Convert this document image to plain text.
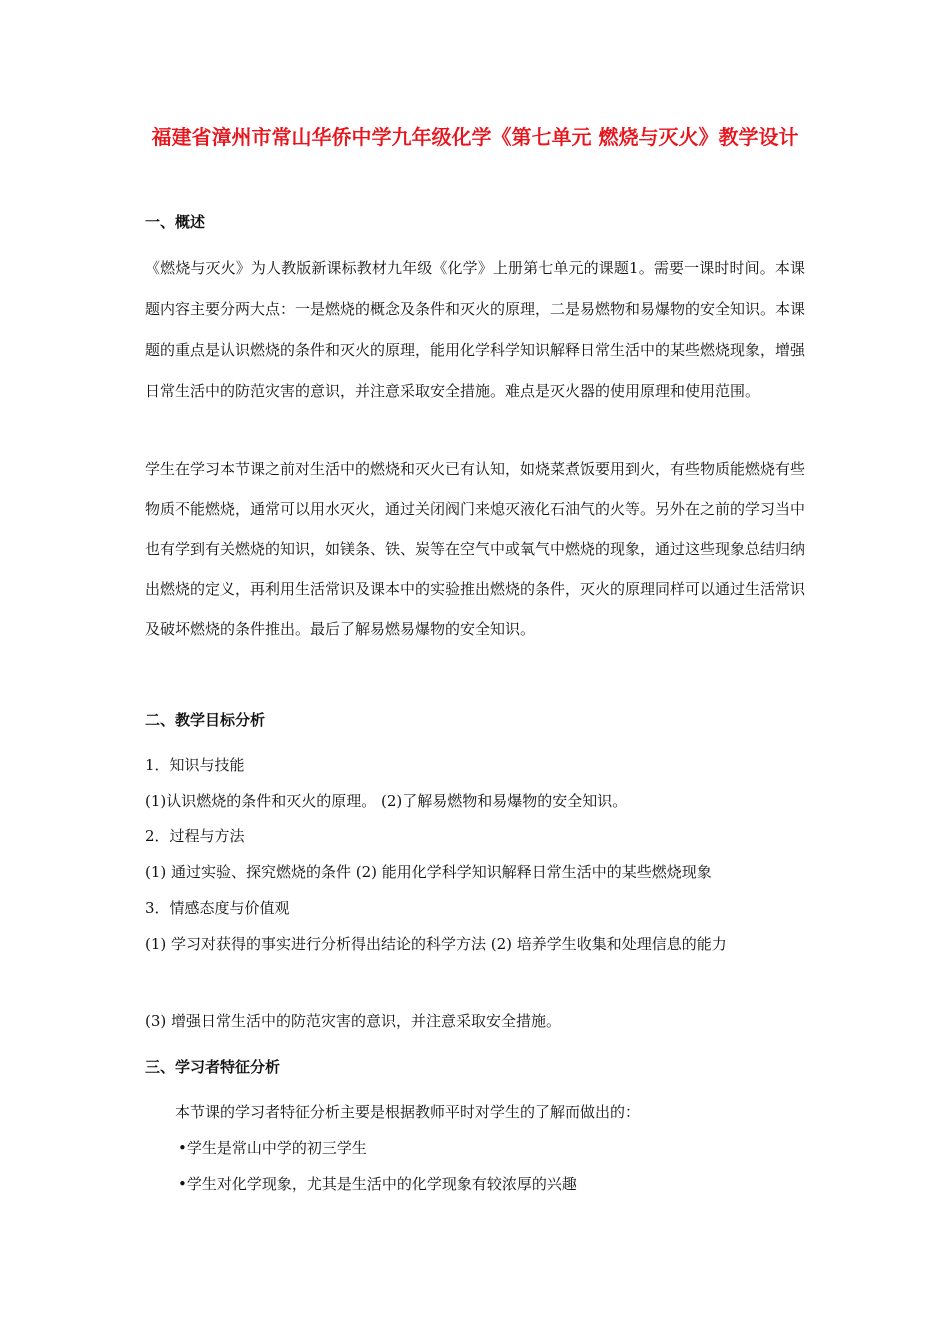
福建省漳州市常山华侨中学九年级化学《第七单元 燃烧与灭火》教学设计
一、概述
《燃烧与灭火》为人教版新课标教材九年级《化学》上册第七单元的课题1。需要一课时时间。本课题内容主要分两大点：一是燃烧的概念及条件和灭火的原理，二是易燃物和易爆物的安全知识。本课题的重点是认识燃烧的条件和灭火的原理，能用化学科学知识解释日常生活中的某些燃烧现象，增强日常生活中的防范灾害的意识，并注意采取安全措施。难点是灭火器的使用原理和使用范围。
学生在学习本节课之前对生活中的燃烧和灭火已有认知，如烧菜煮饭要用到火，有些物质能燃烧有些物质不能燃烧，通常可以用水灭火，通过关闭阀门来熄灭液化石油气的火等。另外在之前的学习当中也有学到有关燃烧的知识，如镁条、铁、炭等在空气中或氧气中燃烧的现象，通过这些现象总结归纳出燃烧的定义，再利用生活常识及课本中的实验推出燃烧的条件，灭火的原理同样可以通过生活常识及破坏燃烧的条件推出。最后了解易燃易爆物的安全知识。
二、教学目标分析
1．知识与技能
(1)认识燃烧的条件和灭火的原理。 (2)了解易燃物和易爆物的安全知识。
2．过程与方法
(1) 通过实验、探究燃烧的条件 (2) 能用化学科学知识解释日常生活中的某些燃烧现象
3．情感态度与价值观
(1) 学习对获得的事实进行分析得出结论的科学方法 (2) 培养学生收集和处理信息的能力
(3) 增强日常生活中的防范灾害的意识，并注意采取安全措施。
三、学习者特征分析
本节课的学习者特征分析主要是根据教师平时对学生的了解而做出的：
•学生是常山中学的初三学生
•学生对化学现象，尤其是生活中的化学现象有较浓厚的兴趣
